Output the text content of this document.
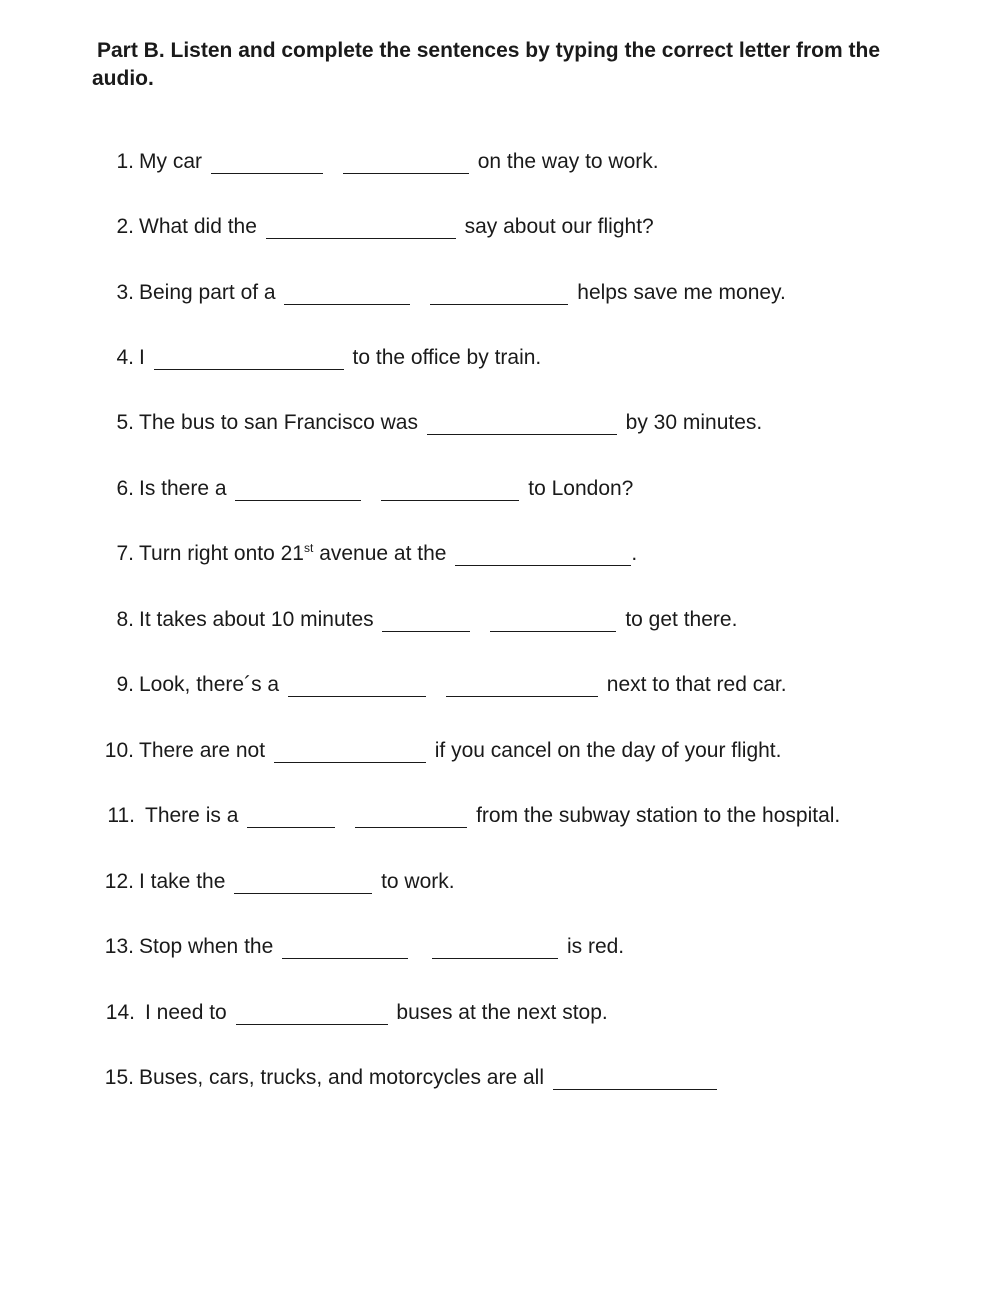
Part B. Listen and complete the sentences by typing the correct letter from the audio.

1. My car	on the way to work.
2. What did the	say about our flight?
3. Being part of a	helps save me money.
4. I	to the office by train.
5. The bus to san Francisco was	by 30 minutes.
6. Is there a	to London?
7. Turn right onto 21st avenue at the	.
8. It takes about 10 minutes	to get there.
9. Look, there´s a	next to that red car.
10. There are not	if you cancel on the day of your flight.
11. There is a	from the subway station to the hospital.
12. I take the	to work.
13. Stop when the	is red.
14. I need to	buses at the next stop.
15. Buses, cars, trucks, and motorcycles are all
